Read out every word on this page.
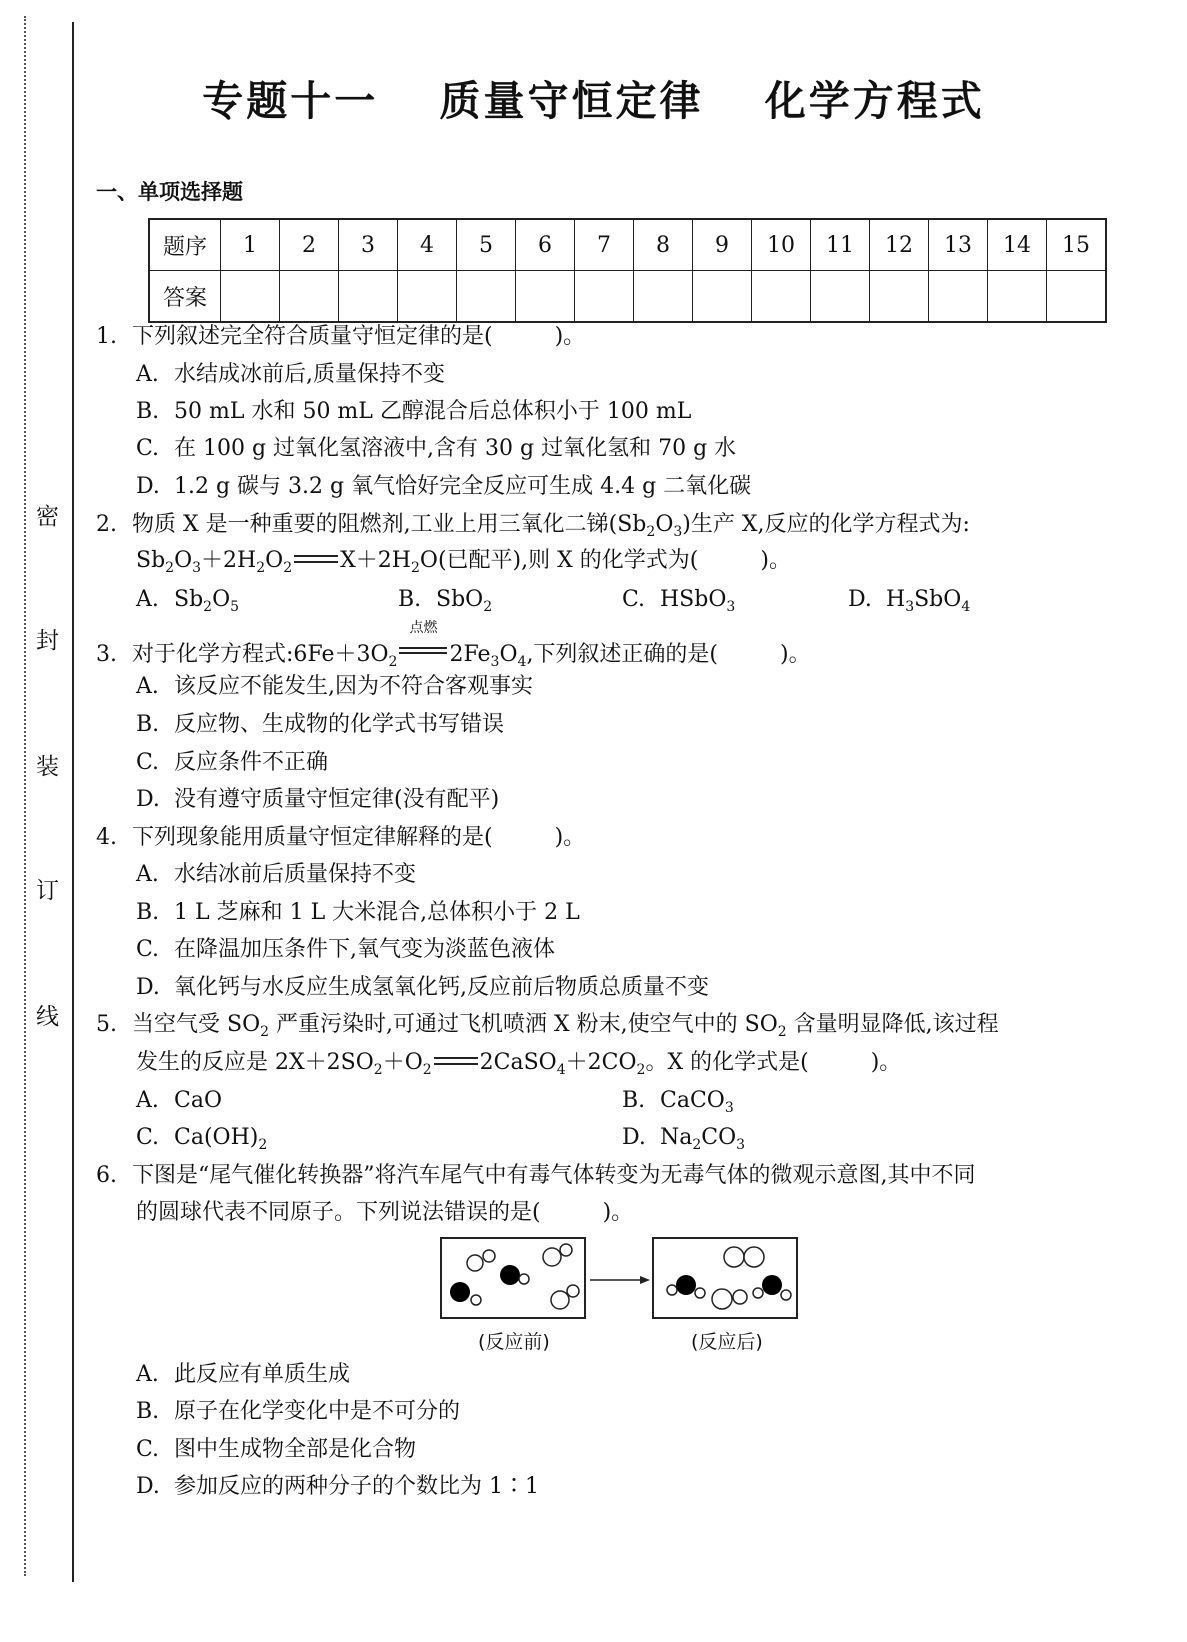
密
封
装
订
线
专题十一 质量守恒定律 化学方程式
一、单项选择题
题序	1	2	3	4	5	6	7	8	9	10	11	12	13	14	15
答案															
1. 下列叙述完全符合质量守恒定律的是(	)。
A. 水结成冰前后,质量保持不变
B. 50 mL 水和 50 mL 乙醇混合后总体积小于 100 mL
C. 在 100 g 过氧化氢溶液中,含有 30 g 过氧化氢和 70 g 水
D. 1.2 g 碳与 3.2 g 氧气恰好完全反应可生成 4.4 g 二氧化碳
2. 物质 X 是一种重要的阻燃剂,工业上用三氧化二锑$(Sb_2O_3)$生产 X,反应的化学方程式为:
$Sb_2O_3+2H_2O_2$ $X+2H_2O$(已配平),则 X 的化学式为(	)。
A. $Sb_2O_5$	B. SbO$_2$	C. HSbO$_3$	D. $H_3SbO_4$
3. 对于化学方程式$:6Fe+3O_2$
点燃
$2Fe_3O_4$,下列叙述正确的是(	)。
A. 该反应不能发生,因为不符合客观事实
B. 反应物、生成物的化学式书写错误
C. 反应条件不正确
D. 没有遵守质量守恒定律(没有配平)
4. 下列现象能用质量守恒定律解释的是(	)。
A. 水结冰前后质量保持不变
B. 1 L 芝麻和 1 L 大米混合,总体积小于 2 L
C. 在降温加压条件下,氧气变为淡蓝色液体
D. 氧化钙与水反应生成氢氧化钙,反应前后物质总质量不变
5. 当空气受 $SO_2$ 严重污染时,可通过飞机喷洒 X 粉末,使空气中的 $SO_2$ 含量明显降低,该过程
发生的反应是 $2X+2SO_2+O_2$ $2CaSO_4+2CO_2$。X 的化学式是(	)。
A. CaO	B. CaCO$_3$
C. $Ca(OH)_2$	D. $Na_2CO_3$
6. 下图是“尾气催化转换器”将汽车尾气中有毒气体转变为无毒气体的微观示意图,其中不同
的圆球代表不同原子。下列说法错误的是(	)。
(反应前)	(反应后)
A. 此反应有单质生成
B. 原子在化学变化中是不可分的
C. 图中生成物全部是化合物
D. 参加反应的两种分子的个数比为 1∶1
